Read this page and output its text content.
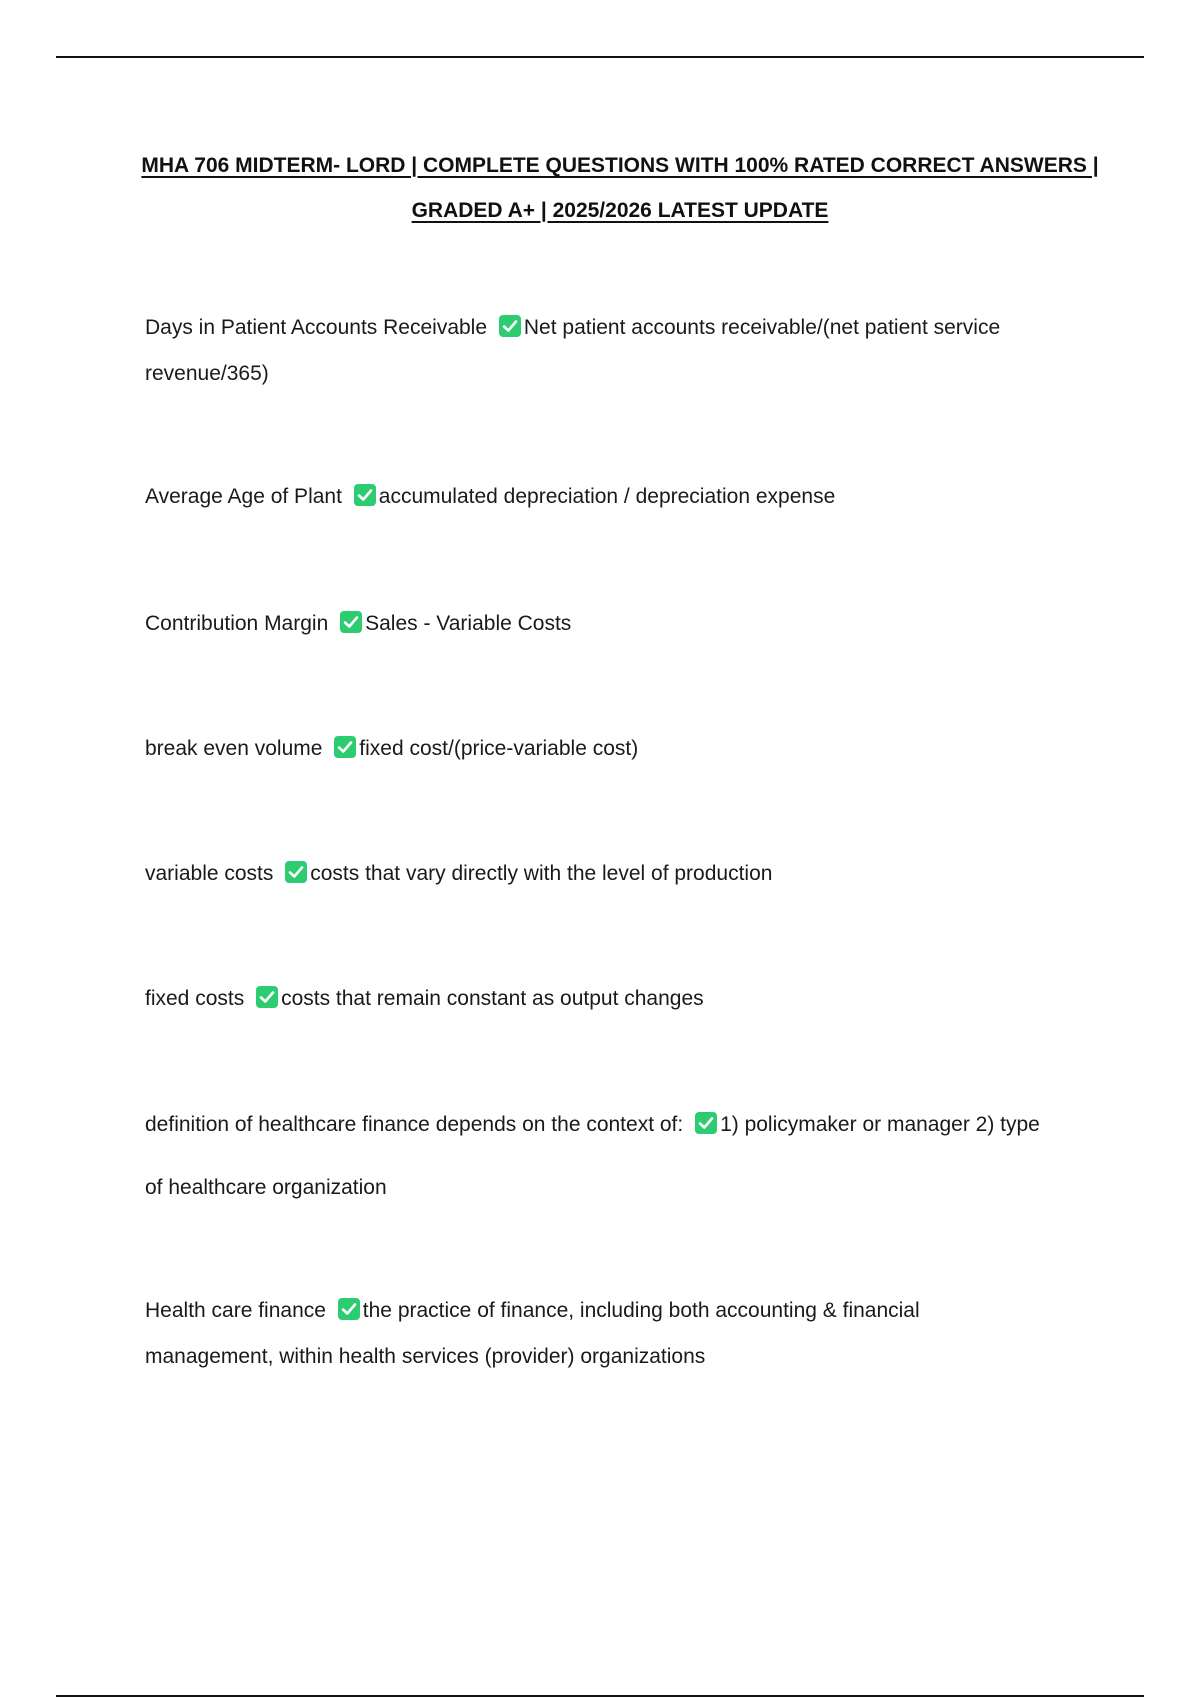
MHA 706 MIDTERM- LORD | COMPLETE QUESTIONS WITH 100% RATED CORRECT ANSWERS | GRADED A+ | 2025/2026 LATEST UPDATE

Days in Patient Accounts Receivable Net patient accounts receivable/(net patient service revenue/365)

Average Age of Plant accumulated depreciation / depreciation expense

Contribution Margin Sales - Variable Costs

break even volume fixed cost/(price-variable cost)

variable costs costs that vary directly with the level of production

fixed costs costs that remain constant as output changes

definition of healthcare finance depends on the context of: 1) policymaker or manager 2) type of healthcare organization

Health care finance the practice of finance, including both accounting & financial management, within health services (provider) organizations
